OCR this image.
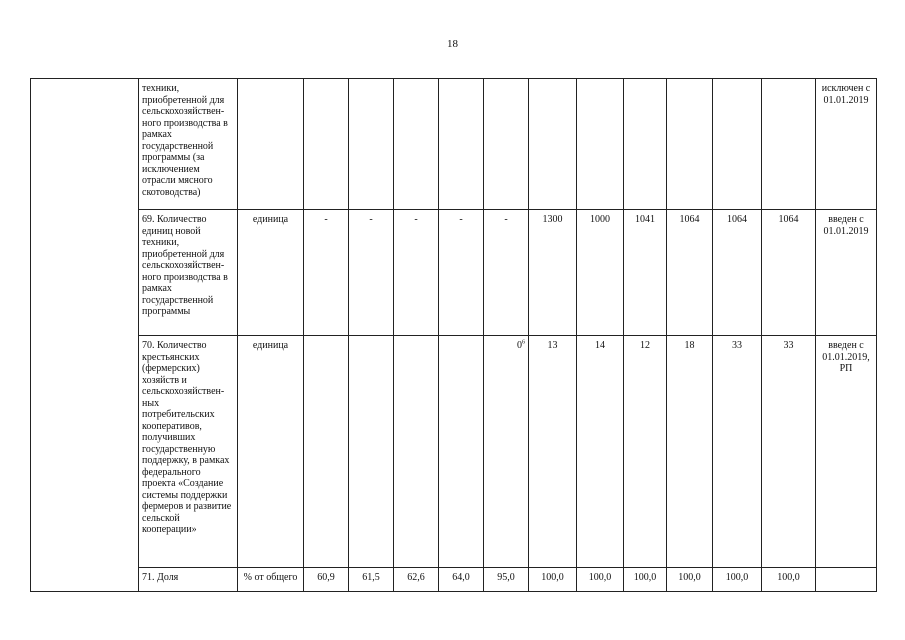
18
	техники, приобретенной для сельскохозяйствен-ного производства в рамках государственной программы (за исключением отрасли мясного скотоводства)													исключен с 01.01.2019
	69. Количество единиц новой техники, приобретенной для сельскохозяйствен-ного производства в рамках государственной программы	единица	-	-	-	-	-	1300	1000	1041	1064	1064	1064	введен с 01.01.2019
	70. Количество крестьянских (фермерских) хозяйств и сельскохозяйствен-ных потребительских кооперативов, получивших государственную поддержку, в рамках федерального проекта «Создание системы поддержки фермеров и развитие сельской кооперации»	единица					$0^6$	13	14	12	18	33	33	введен с 01.01.2019, РП
	71. Доля	% от общего	60,9	61,5	62,6	64,0	95,0	100,0	100,0	100,0	100,0	100,0	100,0	
